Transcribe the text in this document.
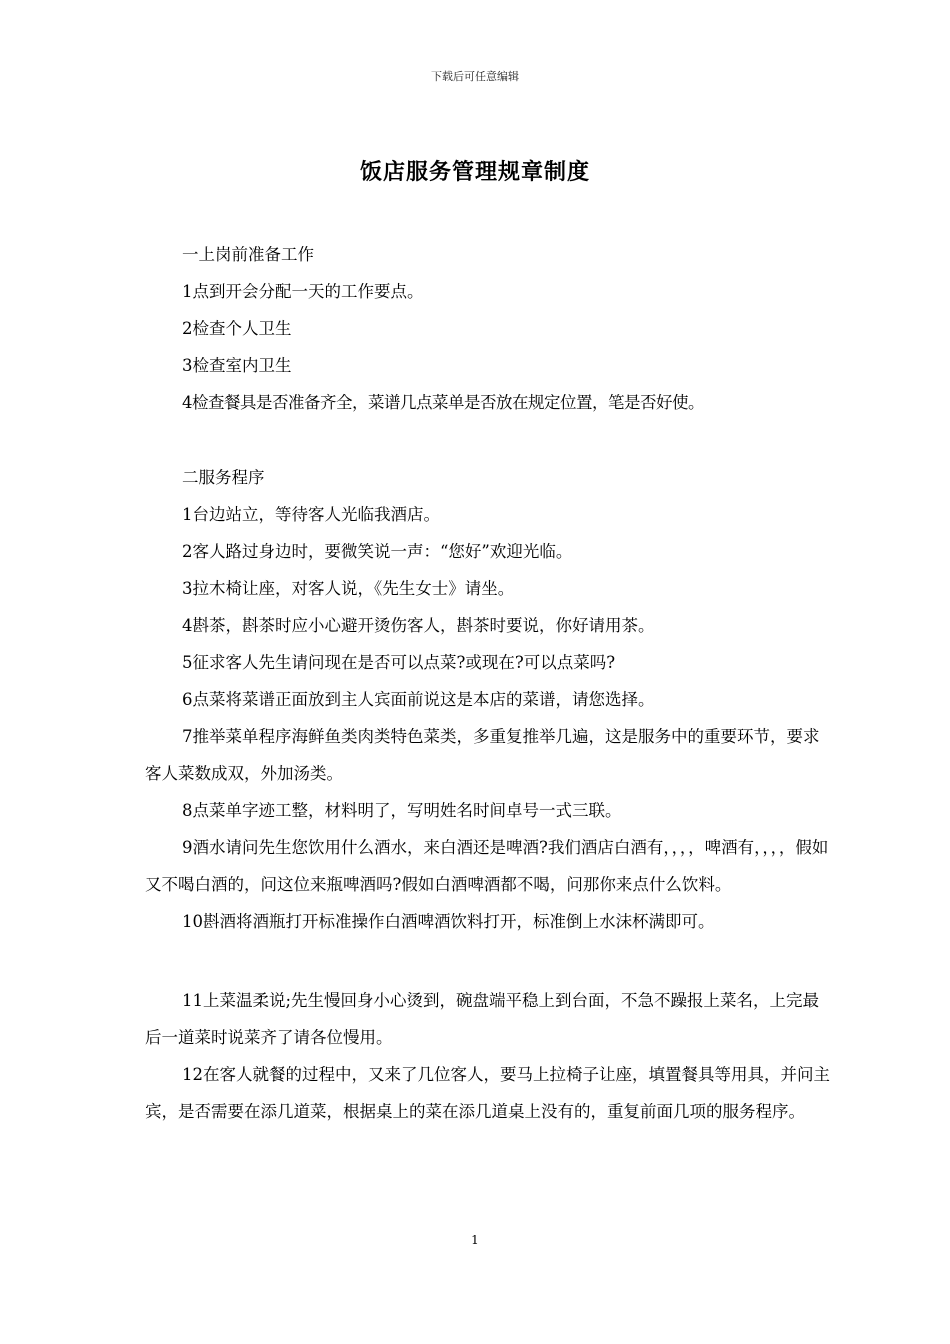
下载后可任意编辑
饭店服务管理规章制度

一上岗前准备工作

1点到开会分配一天的工作要点。

2检查个人卫生

3检查室内卫生

4检查餐具是否准备齐全，菜谱几点菜单是否放在规定位置，笔是否好使。

二服务程序

1台边站立，等待客人光临我酒店。

2客人路过身边时，要微笑说一声：“您好”欢迎光临。

3拉木椅让座，对客人说，《先生女士》请坐。

4斟茶，斟茶时应小心避开烫伤客人，斟茶时要说，你好请用茶。

5征求客人先生请问现在是否可以点菜?或现在?可以点菜吗?

6点菜将菜谱正面放到主人宾面前说这是本店的菜谱，请您选择。

7推举菜单程序海鲜鱼类肉类特色菜类，多重复推举几遍，这是服务中的重要环节，要求客人菜数成双，外加汤类。

8点菜单字迹工整，材料明了，写明姓名时间卓号一式三联。

9酒水请问先生您饮用什么酒水，来白酒还是啤酒?我们酒店白酒有，，，，啤酒有，，，，假如又不喝白酒的，问这位来瓶啤酒吗?假如白酒啤酒都不喝，问那你来点什么饮料。

10斟酒将酒瓶打开标准操作白酒啤酒饮料打开，标准倒上水沫杯满即可。

11上菜温柔说;先生慢回身小心烫到，碗盘端平稳上到台面，不急不躁报上菜名，上完最后一道菜时说菜齐了请各位慢用。

12在客人就餐的过程中，又来了几位客人，要马上拉椅子让座，填置餐具等用具，并问主宾，是否需要在添几道菜，根据桌上的菜在添几道桌上没有的，重复前面几项的服务程序。

1
